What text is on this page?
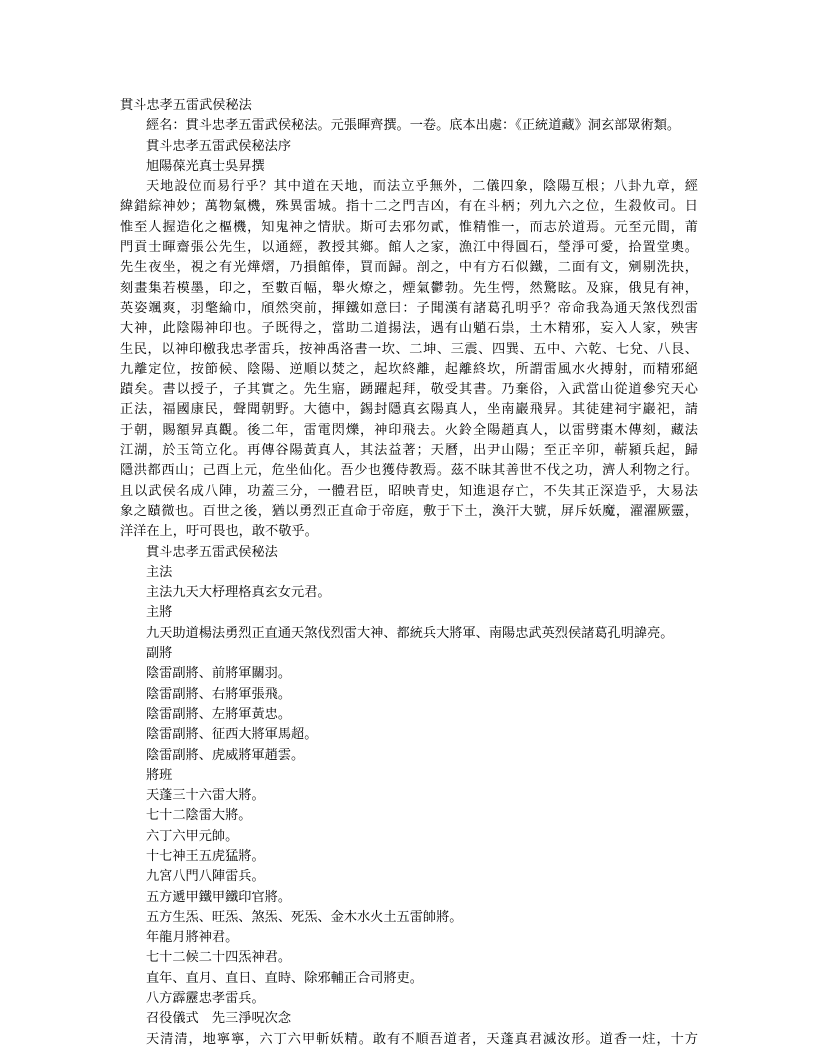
貫斗忠孝五雷武侯秘法
經名：貫斗忠孝五雷武侯秘法。元張暉齊撰。一卷。底本出處：《正統道藏》洞玄部眾術類。
貫斗忠孝五雷武侯秘法序
旭陽葆光真士吳昇撰
天地設位而易行乎？其中道在天地，而法立乎無外，二儀四象，陰陽互根；八卦九章，經
緯錯綜神妙；萬物氣機，殊異雷城。指十二之門吉凶，有在斗柄；列九六之位，生殺攸司。日
惟至人握造化之樞機，知鬼神之情狀。斯可去邪勿貳，惟精惟一，而志於道焉。元至元間，莆
門貢士暉齋張公先生，以通經，教授其鄉。館人之家，漁江中得圓石，瑩淨可愛，拾置堂奧。
先生夜坐，視之有光燁熠，乃損館俸，買而歸。剖之，中有方石似鐵，二面有文，剜剔洗抉，
刻畫集若模墨，印之，至數百幅，舉火燎之，煙氣鬱勃。先生愕，然驚眩。及寐，俄見有神，
英姿颯爽，羽氅綸巾，頎然突前，揮鐵如意曰：子聞漢有諸葛孔明乎？帝命我為通天煞伐烈雷
大神，此陰陽神印也。子既得之，當助二道揚法，遇有山魈石祟，土木精邪，妄入人家，殃害
生民，以神印檄我忠孝雷兵，按神禹洛書一坎、二坤、三震、四巽、五中、六乾、七兌、八艮、
九離定位，按節候、陰陽、逆順以焚之，起坎終離，起離終坎，所謂雷風水火搏射，而精邪絕
蹟矣。書以授子，子其實之。先生寤，踴躍起拜，敬受其書。乃棄俗，入武當山從道參究天心
正法，福國康民，聲聞朝野。大德中，錫封隱真玄陽真人，坐南巖飛昇。其徒建祠宇巖祀，請
于朝，賜額昇真觀。後二年，雷電閃爍，神印飛去。火鈴全陽趙真人，以雷劈棗木傳刻，藏法
江湖，於玉笥立化。再傳谷陽黃真人，其法益著；天曆，出尹山陽；至正辛卯，蕲潁兵起，歸
隱洪都西山；己酉上元，危坐仙化。吾少也獲侍教焉。茲不昧其善世不伐之功，濟人利物之行。
且以武侯名成八陣，功蓋三分，一體君臣，昭映青史，知進退存亡，不失其正深造乎，大易法
象之賾微也。百世之後，猶以勇烈正直命于帝庭，敷于下土，渙汗大號，屏斥妖魔，濯濯厥靈，
洋洋在上，吁可畏也，敢不敬乎。
貫斗忠孝五雷武侯秘法
主法
主法九天大杼理格真玄女元君。
主將
九天助道楊法勇烈正直通天煞伐烈雷大神、都統兵大將軍、南陽忠武英烈侯諸葛孔明諱亮。
副將
陰雷副將、前將軍關羽。
陰雷副將、右將軍張飛。
陰雷副將、左將軍黃忠。
陰雷副將、征西大將軍馬超。
陰雷副將、虎威將軍趙雲。
將班
天蓬三十六雷大將。
七十二陰雷大將。
六丁六甲元帥。
十七神王五虎猛將。
九宮八門八陣雷兵。
五方遞甲鐵甲鐵印官將。
五方生炁、旺炁、煞炁、死炁、金木水火土五雷帥將。
年龍月將神君。
七十二候二十四炁神君。
直年、直月、直日、直時、除邪輔正合司將吏。
八方霹靂忠孝雷兵。
召役儀式　先三淨呪次念
天清清，地寧寧，六丁六甲斬妖精。敢有不順吾道者，天蓬真君滅汝形。道香一炷，十方
